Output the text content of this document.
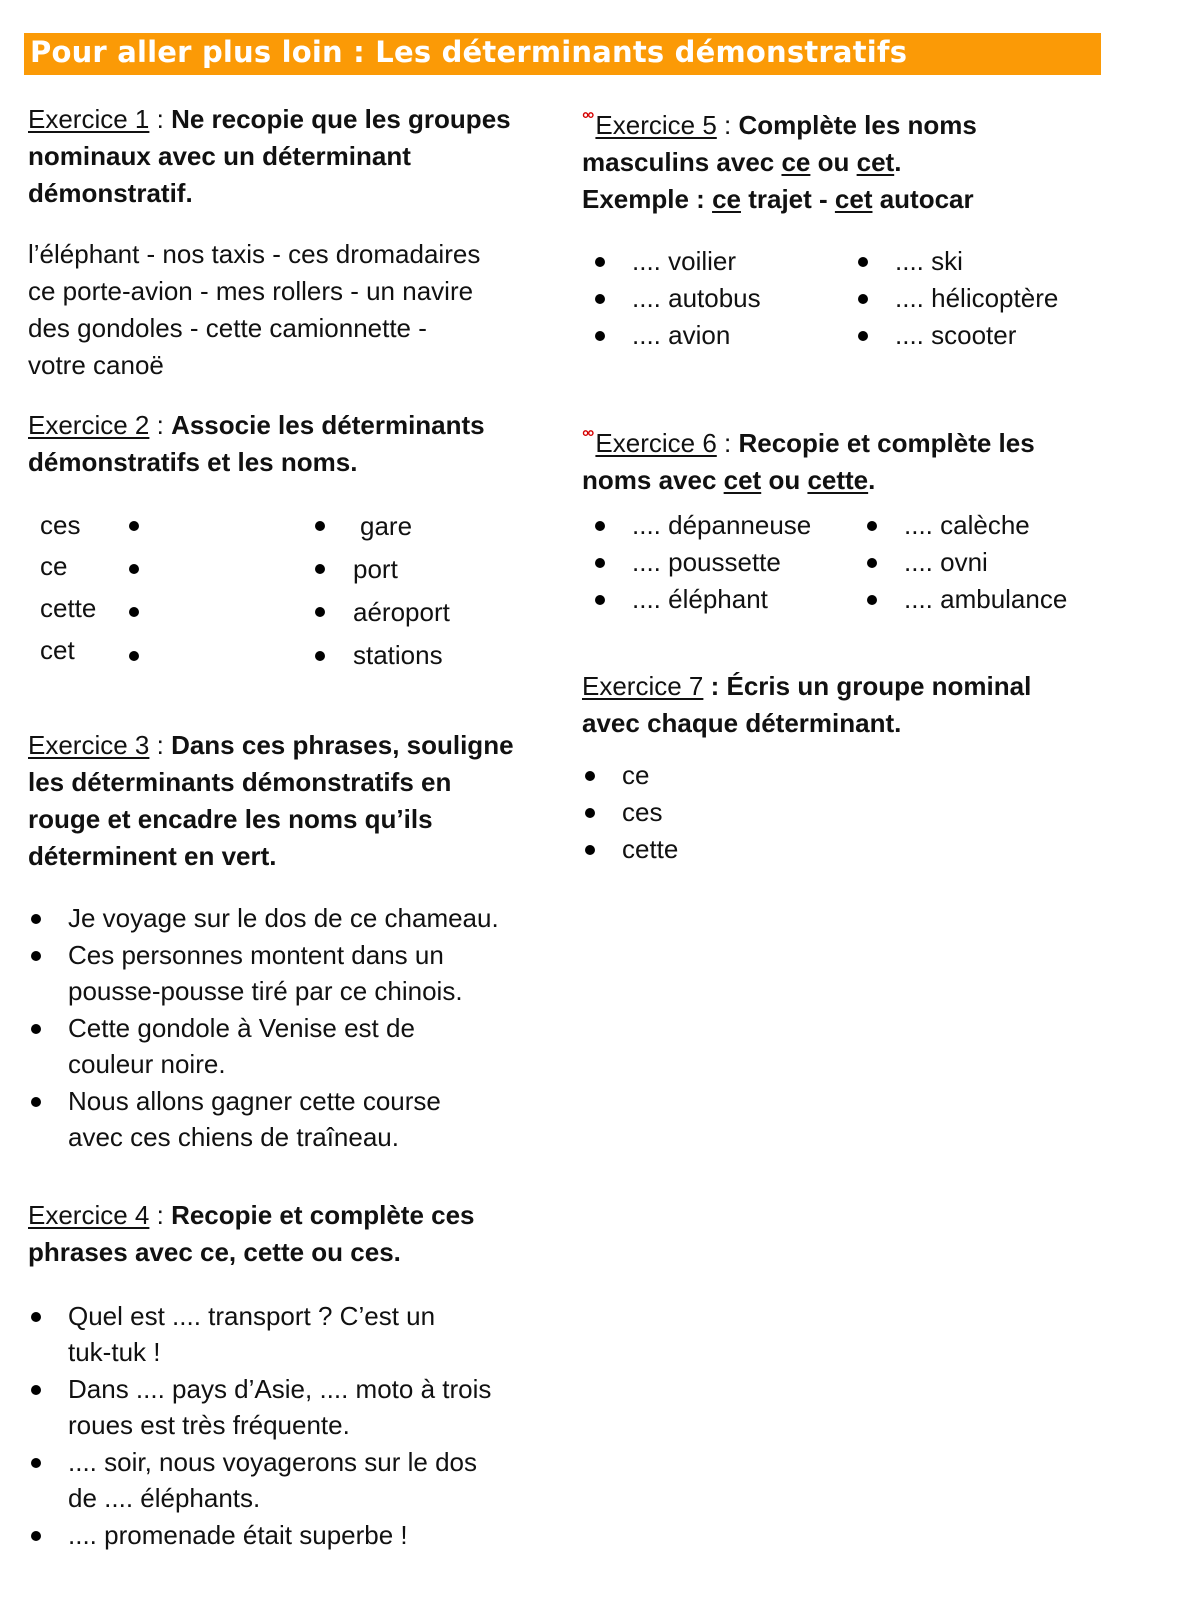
Pour aller plus loin : Les déterminants démonstratifs
Exercice 1 : Ne recopie que les groupes
nominaux avec un déterminant
démonstratif.
l’éléphant - nos taxis - ces dromadaires
ce porte-avion - mes rollers - un navire
des gondoles - cette camionnette -
votre canoë
Exercice 2 : Associe les déterminants
démonstratifs et les noms.
ces
ce
cette
cet
gare
port
aéroport
stations
Exercice 3 : Dans ces phrases, souligne
les déterminants démonstratifs en
rouge et encadre les noms qu’ils
déterminent en vert.
Je voyage sur le dos de ce chameau.
Ces personnes montent dans un
pousse-pousse tiré par ce chinois.
Cette gondole à Venise est de
couleur noire.
Nous allons gagner cette course
avec ces chiens de traîneau.
Exercice 4 : Recopie et complète ces
phrases avec ce, cette ou ces.
Quel est .... transport ? C’est un
tuk-tuk !
Dans .... pays d’Asie, .... moto à trois
roues est très fréquente.
.... soir, nous voyagerons sur le dos
de .... éléphants.
.... promenade était superbe !
°° Exercice 5 : Complète les noms
masculins avec ce ou cet.
Exemple : ce trajet - cet autocar
.... voilier
.... autobus
.... avion
.... ski
.... hélicoptère
.... scooter
°° Exercice 6 : Recopie et complète les
noms avec cet ou cette.
.... dépanneuse
.... poussette
.... éléphant
.... calèche
.... ovni
.... ambulance
Exercice 7 : Écris un groupe nominal
avec chaque déterminant.
ce
ces
cette
